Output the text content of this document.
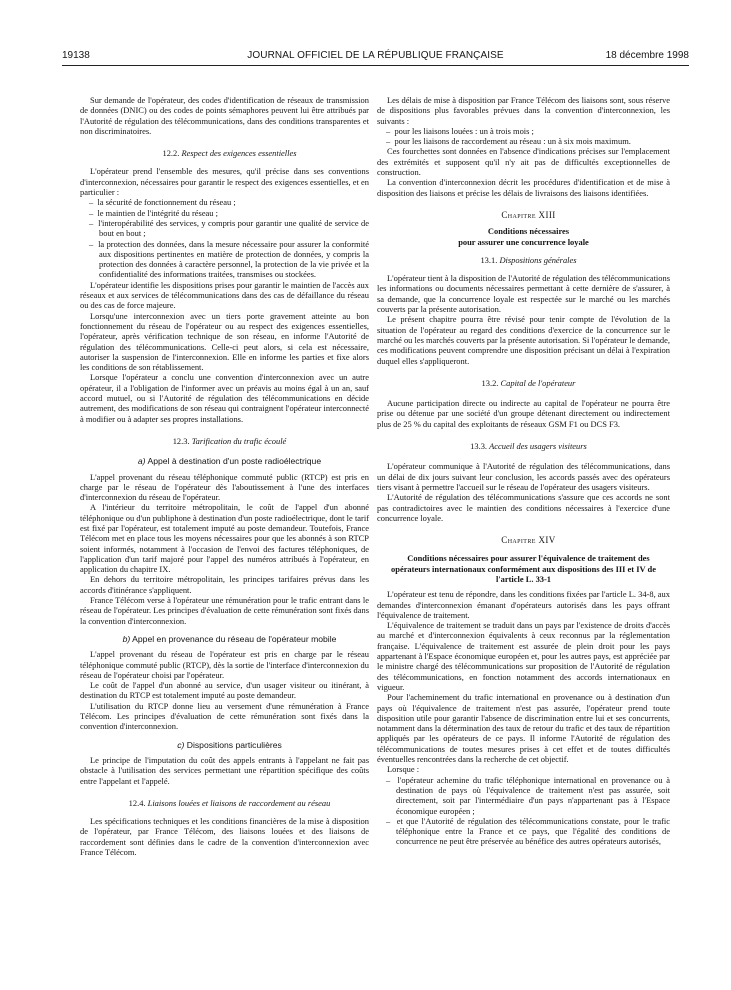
19138	JOURNAL OFFICIEL DE LA RÉPUBLIQUE FRANÇAISE	18 décembre 1998

Sur demande de l'opérateur, des codes d'identification de réseaux de transmission de données (DNIC) ou des codes de points sémaphores peuvent lui être attribués par l'Autorité de régulation des télécommunications, dans des conditions transparentes et non discriminatoires.

12.2. Respect des exigences essentielles

L'opérateur prend l'ensemble des mesures, qu'il précise dans ses conventions d'interconnexion, nécessaires pour garantir le respect des exigences essentielles, et en particulier :

–  la sécurité de fonctionnement du réseau ;
–  le maintien de l'intégrité du réseau ;
–  l'interopérabilité des services, y compris pour garantir une qualité de service de bout en bout ;
–  la protection des données, dans la mesure nécessaire pour assurer la conformité aux dispositions pertinentes en matière de protection de données, y compris la protection des données à caractère personnel, la protection de la vie privée et la confidentialité des informations traitées, transmises ou stockées.

L'opérateur identifie les dispositions prises pour garantir le maintien de l'accès aux réseaux et aux services de télécommunications dans des cas de défaillance du réseau ou des cas de force majeure.

Lorsqu'une interconnexion avec un tiers porte gravement atteinte au bon fonctionnement du réseau de l'opérateur ou au respect des exigences essentielles, l'opérateur, après vérification technique de son réseau, en informe l'Autorité de régulation des télécommunications. Celle-ci peut alors, si cela est nécessaire, autoriser la suspension de l'interconnexion. Elle en informe les parties et fixe alors les conditions de son rétablissement.

Lorsque l'opérateur a conclu une convention d'interconnexion avec un autre opérateur, il a l'obligation de l'informer avec un préavis au moins égal à un an, sauf accord mutuel, ou si l'Autorité de régulation des télécommunications en décide autrement, des modifications de son réseau qui contraignent l'opérateur interconnecté à modifier ou à adapter ses propres installations.

12.3. Tarification du trafic écoulé

a) Appel à destination d'un poste radioélectrique

L'appel provenant du réseau téléphonique commuté public (RTCP) est pris en charge par le réseau de l'opérateur dès l'aboutissement à l'une des interfaces d'interconnexion du réseau de l'opérateur.

A l'intérieur du territoire métropolitain, le coût de l'appel d'un abonné téléphonique ou d'un publiphone à destination d'un poste radioélectrique, dont le tarif est fixé par l'opérateur, est totalement imputé au poste demandeur. Toutefois, France Télécom met en place tous les moyens nécessaires pour que les abonnés à son RTCP soient informés, notamment à l'occasion de l'envoi des factures téléphoniques, de l'application d'un tarif majoré pour l'appel des numéros attribués à l'opérateur, en application du chapitre IX.

En dehors du territoire métropolitain, les principes tarifaires prévus dans les accords d'itinérance s'appliquent.

France Télécom verse à l'opérateur une rémunération pour le trafic entrant dans le réseau de l'opérateur. Les principes d'évaluation de cette rémunération sont fixés dans la convention d'interconnexion.

b) Appel en provenance du réseau de l'opérateur mobile

L'appel provenant du réseau de l'opérateur est pris en charge par le réseau téléphonique commuté public (RTCP), dès la sortie de l'interface d'interconnexion du réseau de l'opérateur choisi par l'opérateur.

Le coût de l'appel d'un abonné au service, d'un usager visiteur ou itinérant, à destination du RTCP est totalement imputé au poste demandeur.

L'utilisation du RTCP donne lieu au versement d'une rémunération à France Télécom. Les principes d'évaluation de cette rémunération sont fixés dans la convention d'interconnexion.

c) Dispositions particulières

Le principe de l'imputation du coût des appels entrants à l'appelant ne fait pas obstacle à l'utilisation des services permettant une répartition spécifique des coûts entre l'appelant et l'appelé.

12.4. Liaisons louées et liaisons de raccordement au réseau

Les spécifications techniques et les conditions financières de la mise à disposition de l'opérateur, par France Télécom, des liaisons louées et des liaisons de raccordement sont définies dans le cadre de la convention d'interconnexion avec France Télécom.

Les délais de mise à disposition par France Télécom des liaisons sont, sous réserve de dispositions plus favorables prévues dans la convention d'interconnexion, les suivants :

–  pour les liaisons louées : un à trois mois ;
–  pour les liaisons de raccordement au réseau : un à six mois maximum.

Ces fourchettes sont données en l'absence d'indications précises sur l'emplacement des extrémités et supposent qu'il n'y ait pas de difficultés exceptionnelles de construction.

La convention d'interconnexion décrit les procédures d'identification et de mise à disposition des liaisons et précise les délais de livraisons des liaisons identifiées.

Chapitre XIII

Conditions nécessaires
pour assurer une concurrence loyale

13.1. Dispositions générales

L'opérateur tient à la disposition de l'Autorité de régulation des télécommunications les informations ou documents nécessaires permettant à cette dernière de s'assurer, à sa demande, que la concurrence loyale est respectée sur le marché ou les marchés couverts par la présente autorisation.

Le présent chapitre pourra être révisé pour tenir compte de l'évolution de la situation de l'opérateur au regard des conditions d'exercice de la concurrence sur le marché ou les marchés couverts par la présente autorisation. Si l'opérateur le demande, ces modifications peuvent comprendre une disposition précisant un délai à l'expiration duquel elles s'appliqueront.

13.2. Capital de l'opérateur

Aucune participation directe ou indirecte au capital de l'opérateur ne pourra être prise ou détenue par une société d'un groupe détenant directement ou indirectement plus de 25 % du capital des exploitants de réseaux GSM F1 ou DCS F3.

13.3. Accueil des usagers visiteurs

L'opérateur communique à l'Autorité de régulation des télécommunications, dans un délai de dix jours suivant leur conclusion, les accords passés avec des opérateurs tiers visant à permettre l'accueil sur le réseau de l'opérateur des usagers visiteurs.

L'Autorité de régulation des télécommunications s'assure que ces accords ne sont pas contradictoires avec le maintien des conditions nécessaires à l'exercice d'une concurrence loyale.

Chapitre XIV

Conditions nécessaires pour assurer l'équivalence de traitement des opérateurs internationaux conformément aux dispositions des III et IV de l'article L. 33-1

L'opérateur est tenu de répondre, dans les conditions fixées par l'article L. 34-8, aux demandes d'interconnexion émanant d'opérateurs autorisés dans les pays offrant l'équivalence de traitement.

L'équivalence de traitement se traduit dans un pays par l'existence de droits d'accès au marché et d'interconnexion équivalents à ceux reconnus par la réglementation française. L'équivalence de traitement est assurée de plein droit pour les pays appartenant à l'Espace économique européen et, pour les autres pays, est appréciée par le ministre chargé des télécommunications sur proposition de l'Autorité de régulation des télécommunications, en fonction notamment des accords internationaux en vigueur.

Pour l'acheminement du trafic international en provenance ou à destination d'un pays où l'équivalence de traitement n'est pas assurée, l'opérateur prend toute disposition utile pour garantir l'absence de discrimination entre lui et ses concurrents, notamment dans la détermination des taux de retour du trafic et des taux de répartition appliqués par les opérateurs de ce pays. Il informe l'Autorité de régulation des télécommunications de toutes mesures prises à cet effet et de toutes difficultés éventuelles rencontrées dans la recherche de cet objectif.

Lorsque :

–  l'opérateur achemine du trafic téléphonique international en provenance ou à destination de pays où l'équivalence de traitement n'est pas assurée, soit directement, soit par l'intermédiaire d'un pays n'appartenant pas à l'Espace économique européen ;
–  et que l'Autorité de régulation des télécommunications constate, pour le trafic téléphonique entre la France et ce pays, que l'égalité des conditions de concurrence ne peut être préservée au bénéfice des autres opérateurs autorisés,
